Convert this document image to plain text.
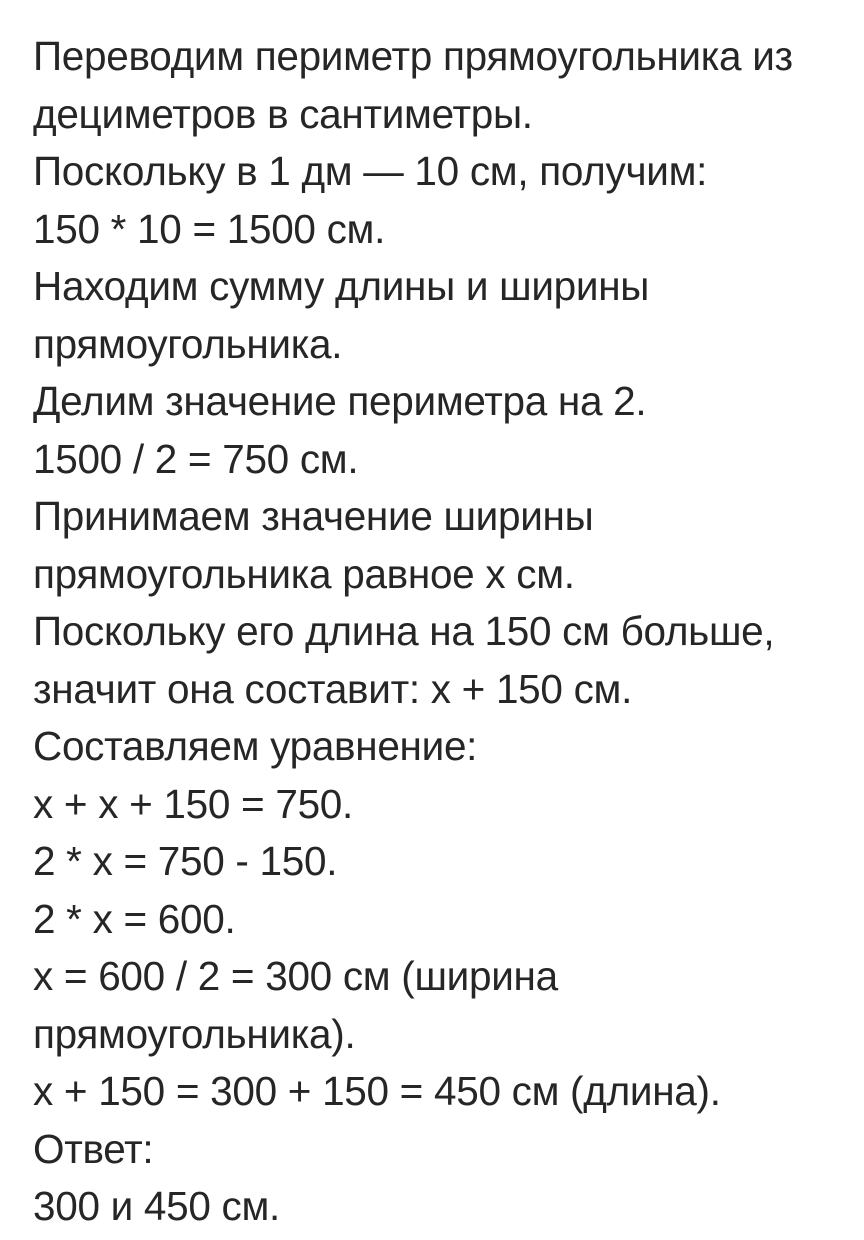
Переводим периметр прямоугольника из
дециметров в сантиметры.
Поскольку в 1 дм — 10 см, получим:
150 * 10 = 1500 см.
Находим сумму длины и ширины
прямоугольника.
Делим значение периметра на 2.
1500 / 2 = 750 см.
Принимаем значение ширины
прямоугольника равное х см.
Поскольку его длина на 150 см больше,
значит она составит: х + 150 см.
Составляем уравнение:
х + х + 150 = 750.
2 * х = 750 - 150.
2 * х = 600.
х = 600 / 2 = 300 см (ширина
прямоугольника).
х + 150 = 300 + 150 = 450 см (длина).
Ответ:
300 и 450 см.
